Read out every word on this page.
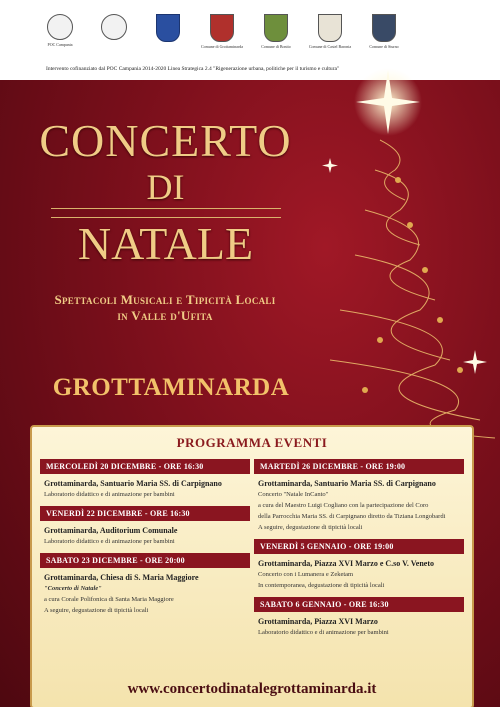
POC Campania	Comune di Grottaminarda	Comune di Bonito	Comune di Castel Baronia	Comune di Sturno
Intervento cofinanziato dal POC Campania 2014-2020 Linea Strategica 2.4 "Rigenerazione urbana, politiche per il turismo e cultura"
CONCERTO
DI
NATALE
Spettacoli Musicali e Tipicità Locali
in Valle d'Ufita
GROTTAMINARDA
PROGRAMMA EVENTI
MERCOLEDÌ 20 DICEMBRE - ORE 16:30
Grottaminarda, Santuario Maria SS. di Carpignano
Laboratorio didattico e di animazione per bambini
VENERDÌ 22 DICEMBRE - ORE 16:30
Grottaminarda, Auditorium Comunale
Laboratorio didattico e di animazione per bambini
SABATO 23 DICEMBRE - ORE 20:00
Grottaminarda, Chiesa di S. Maria Maggiore
"Concerto di Natale"
a cura Corale Polifonica di Santa Maria Maggiore
A seguire, degustazione di tipicità locali
MARTEDÌ 26 DICEMBRE - ORE 19:00
Grottaminarda, Santuario Maria SS. di Carpignano
Concerto "Natale InCanto"
a cura del Maestro Luigi Cogliano con la partecipazione del Coro
della Parrocchia Maria SS. di Carpignano diretto da Tiziana Longobardi
A seguire, degustazione di tipicità locali
VENERDÌ 5 GENNAIO - ORE 19:00
Grottaminarda, Piazza XVI Marzo e C.so V. Veneto
Concerto con i Lumanera e Zeketam
In contemporanea, degustazione di tipicità locali
SABATO 6 GENNAIO - ORE 16:30
Grottaminarda, Piazza XVI Marzo
Laboratorio didattico e di animazione per bambini
www.concertodinatalegrottaminarda.it
